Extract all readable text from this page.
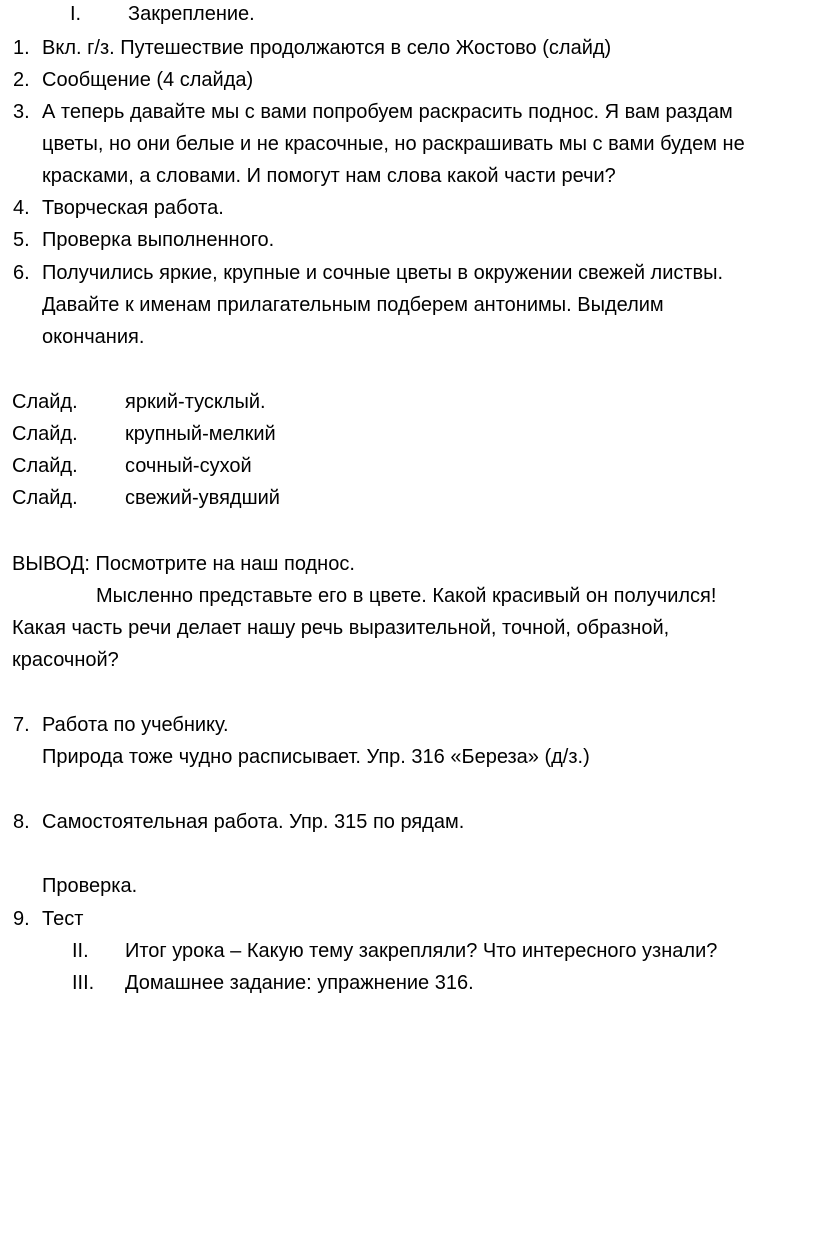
I. Закрепление.
1. Вкл. г/з. Путешествие продолжаются в село Жостово (слайд)
2. Сообщение (4 слайда)
3. А теперь давайте мы с вами попробуем раскрасить поднос. Я вам раздам
цветы, но они белые и не красочные, но раскрашивать мы с вами будем не
красками, а словами. И помогут нам слова какой части речи?
4. Творческая работа.
5. Проверка выполненного.
6. Получились яркие, крупные и сочные цветы в окружении свежей листвы.
Давайте к именам прилагательным подберем антонимы. Выделим
окончания.
Слайд. яркий-тусклый.
Слайд. крупный-мелкий
Слайд. сочный-сухой
Слайд. свежий-увядший
ВЫВОД: Посмотрите на наш поднос.
Мысленно представьте его в цвете. Какой красивый он получился!
Какая часть речи делает нашу речь выразительной, точной, образной,
красочной?
7. Работа по учебнику.
Природа тоже чудно расписывает. Упр. 316 «Береза» (д/з.)
8. Самостоятельная работа. Упр. 315 по рядам.
Проверка.
9. Тест
II. Итог урока – Какую тему закрепляли? Что интересного узнали?
III. Домашнее задание: упражнение 316.
